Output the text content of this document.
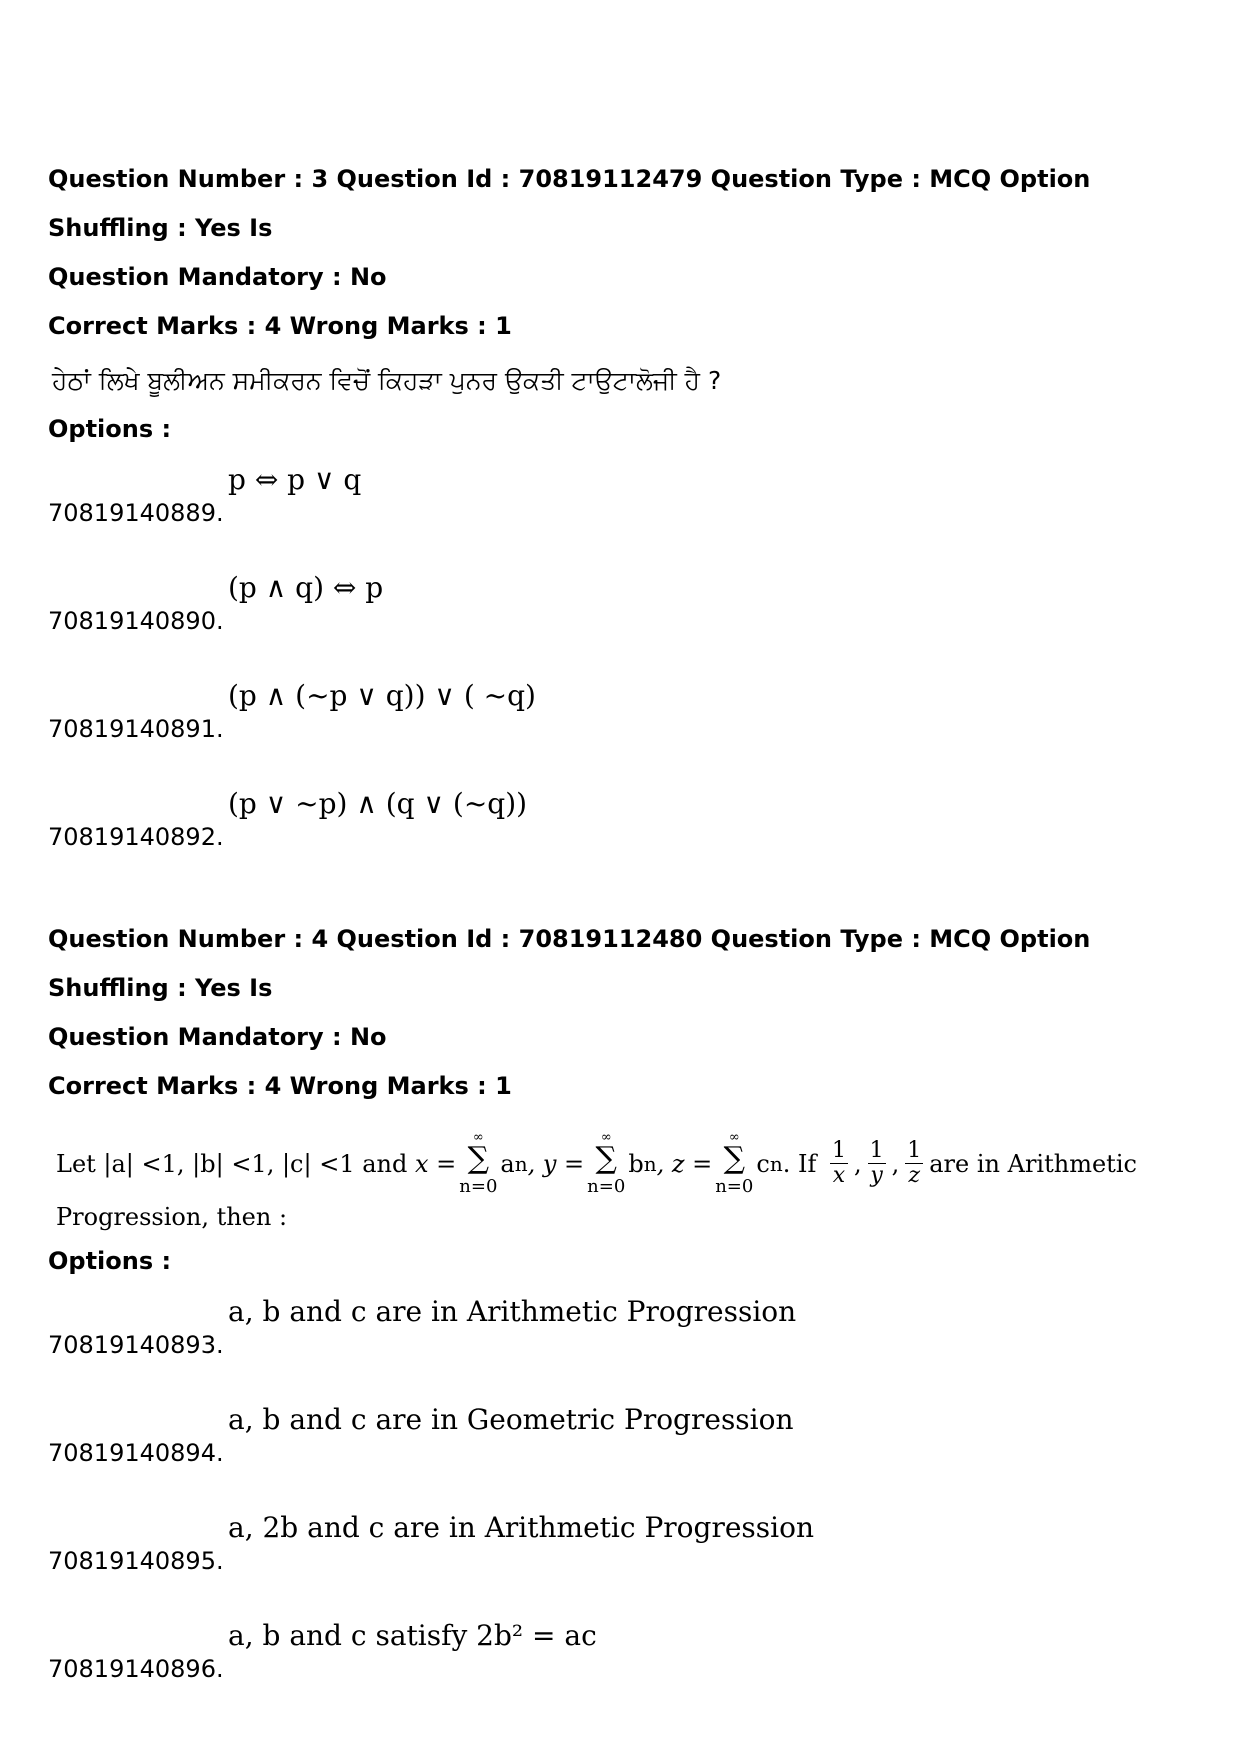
Question Number : 3 Question Id : 70819112479 Question Type : MCQ Option Shuffling : Yes Is

Question Mandatory : No

Correct Marks : 4 Wrong Marks : 1

ਹੇਠਾਂ ਲਿਖੇ ਬੂਲੀਅਨ ਸਮੀਕਰਨ ਵਿਚੋਂ ਕਿਹੜਾ ਪੁਨਰ ਉਕਤੀ ਟਾਉਟਾਲੋਜੀ ਹੈ ?
Options :
70819140889.
p ⇔ p ∨ q
70819140890.
(p ∧ q) ⇔ p
70819140891.
(p ∧ (~p ∨ q)) ∨ ( ~q)
70819140892.
(p ∨ ~p) ∧ (q ∨ (~q))

Question Number : 4 Question Id : 70819112480 Question Type : MCQ Option Shuffling : Yes Is

Question Mandatory : No

Correct Marks : 4 Wrong Marks : 1

Let |a| <1, |b| <1, |c| <1 and
x =
∞
∑
n=0
a n , y =
∞
∑
n=0
b n , z =
∞
∑
n=0
c n . If
$\frac{1}{x}$ , $\frac{1}{y}$ , $\frac{1}{z}$ are in Arithmetic
Progression, then :
Options :
70819140893.
a, b and c are in Arithmetic Progression
70819140894.
a, b and c are in Geometric Progression
70819140895.
a, 2b and c are in Arithmetic Progression
70819140896.
a, b and c satisfy 2b² = ac
